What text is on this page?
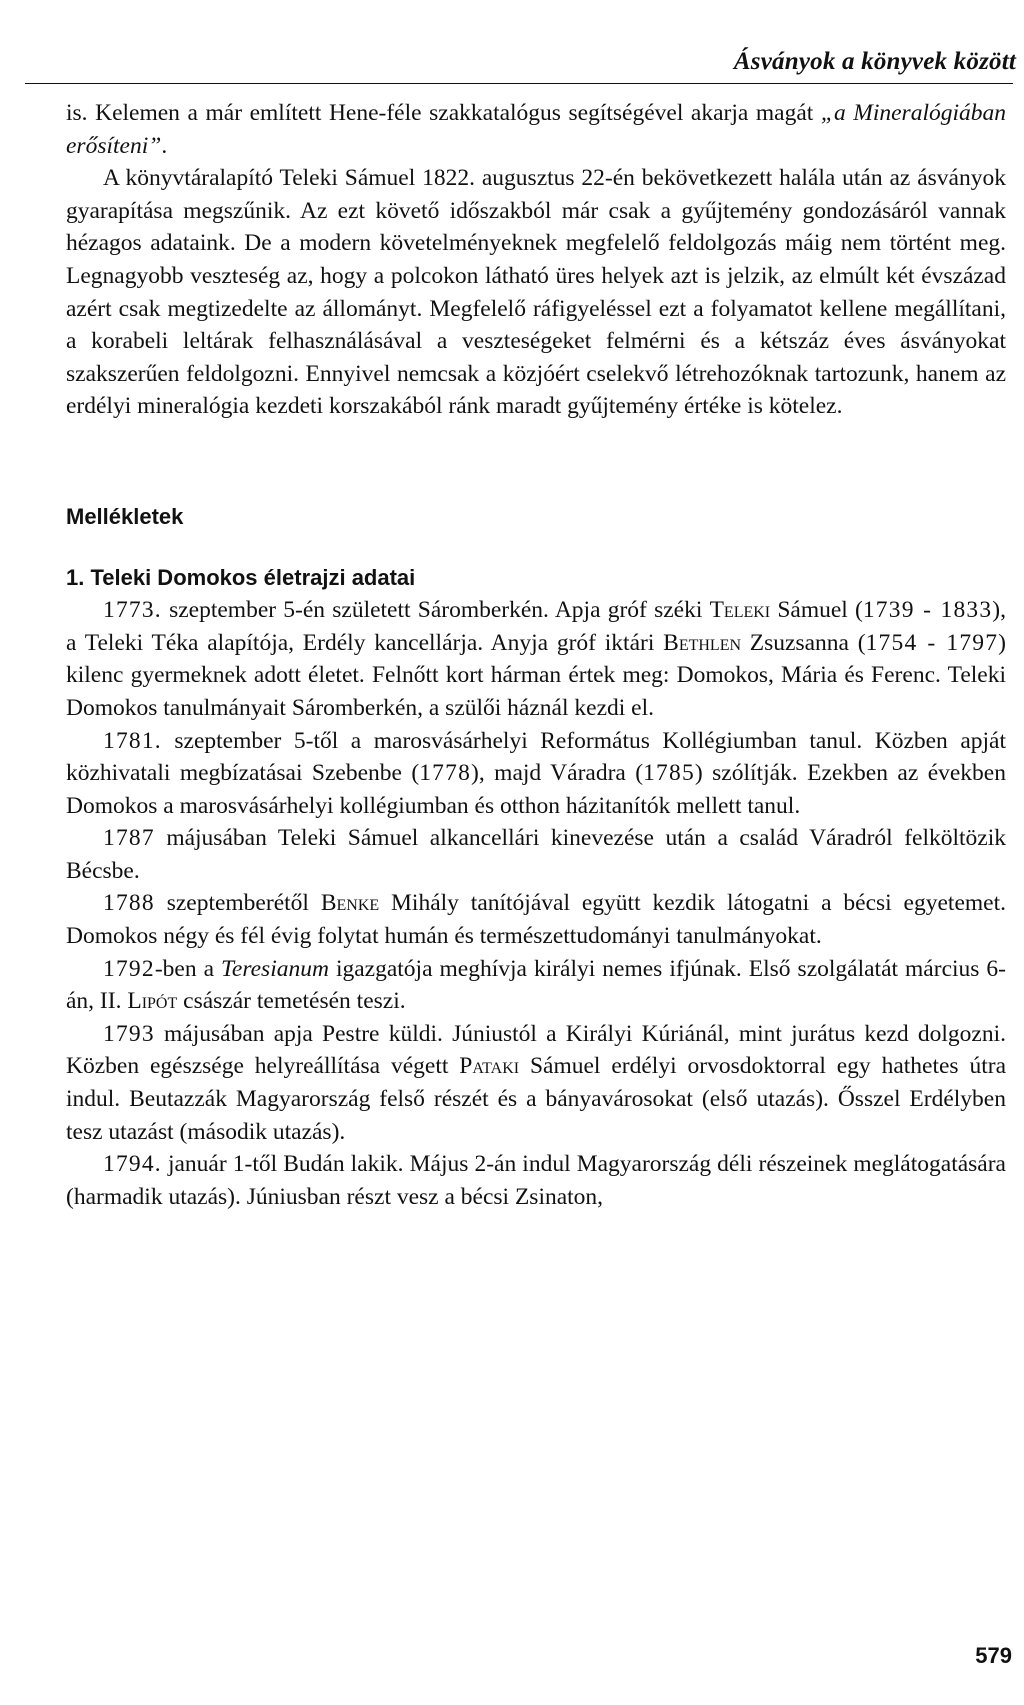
Ásványok a könyvek között

is. Kelemen a már említett Hene-féle szakkatalógus segítségével akarja magát „a Mineralógiában erősíteni”.

A könyvtáralapító Teleki Sámuel 1822. augusztus 22-én bekövetkezett halála után az ásványok gyarapítása megszűnik. Az ezt követő időszakból már csak a gyűjtemény gondozásáról vannak hézagos adataink. De a modern követelményeknek megfelelő feldolgozás máig nem történt meg. Legnagyobb veszteség az, hogy a polcokon látható üres helyek azt is jelzik, az elmúlt két évszázad azért csak megtizedelte az állományt. Megfelelő ráfigyeléssel ezt a folyamatot kellene megállítani, a korabeli leltárak felhasználásával a veszteségeket felmérni és a kétszáz éves ásványokat szakszerűen feldolgozni. Ennyivel nemcsak a közjóért cselekvő létrehozóknak tartozunk, hanem az erdélyi mineralógia kezdeti korszakából ránk maradt gyűjtemény értéke is kötelez.

Mellékletek
1. Teleki Domokos életrajzi adatai

1773. szeptember 5-én született Sáromberkén. Apja gróf széki Teleki Sámuel (1739 - 1833), a Teleki Téka alapítója, Erdély kancellárja. Anyja gróf iktári Bethlen Zsuzsanna (1754 - 1797) kilenc gyermeknek adott életet. Felnőtt kort hárman értek meg: Domokos, Mária és Ferenc. Teleki Domokos tanulmányait Sáromberkén, a szülői háznál kezdi el.

1781. szeptember 5-től a marosvásárhelyi Református Kollégiumban tanul. Közben apját közhivatali megbízatásai Szebenbe (1778), majd Váradra (1785) szólítják. Ezekben az években Domokos a marosvásárhelyi kollégiumban és otthon házitanítók mellett tanul.

1787 májusában Teleki Sámuel alkancellári kinevezése után a család Váradról felköltözik Bécsbe.

1788 szeptemberétől Benke Mihály tanítójával együtt kezdik látogatni a bécsi egyetemet. Domokos négy és fél évig folytat humán és természettudományi tanulmányokat.

1792-ben a Teresianum igazgatója meghívja királyi nemes ifjúnak. Első szolgálatát március 6-án, II. Lipót császár temetésén teszi.

1793 májusában apja Pestre küldi. Júniustól a Királyi Kúriánál, mint jurátus kezd dolgozni. Közben egészsége helyreállítása végett Pataki Sámuel erdélyi orvosdoktorral egy hathetes útra indul. Beutazzák Magyarország felső részét és a bányavárosokat (első utazás). Ősszel Erdélyben tesz utazást (második utazás).

1794. január 1-től Budán lakik. Május 2-án indul Magyarország déli részeinek meglátogatására (harmadik utazás). Júniusban részt vesz a bécsi Zsinaton,

579
